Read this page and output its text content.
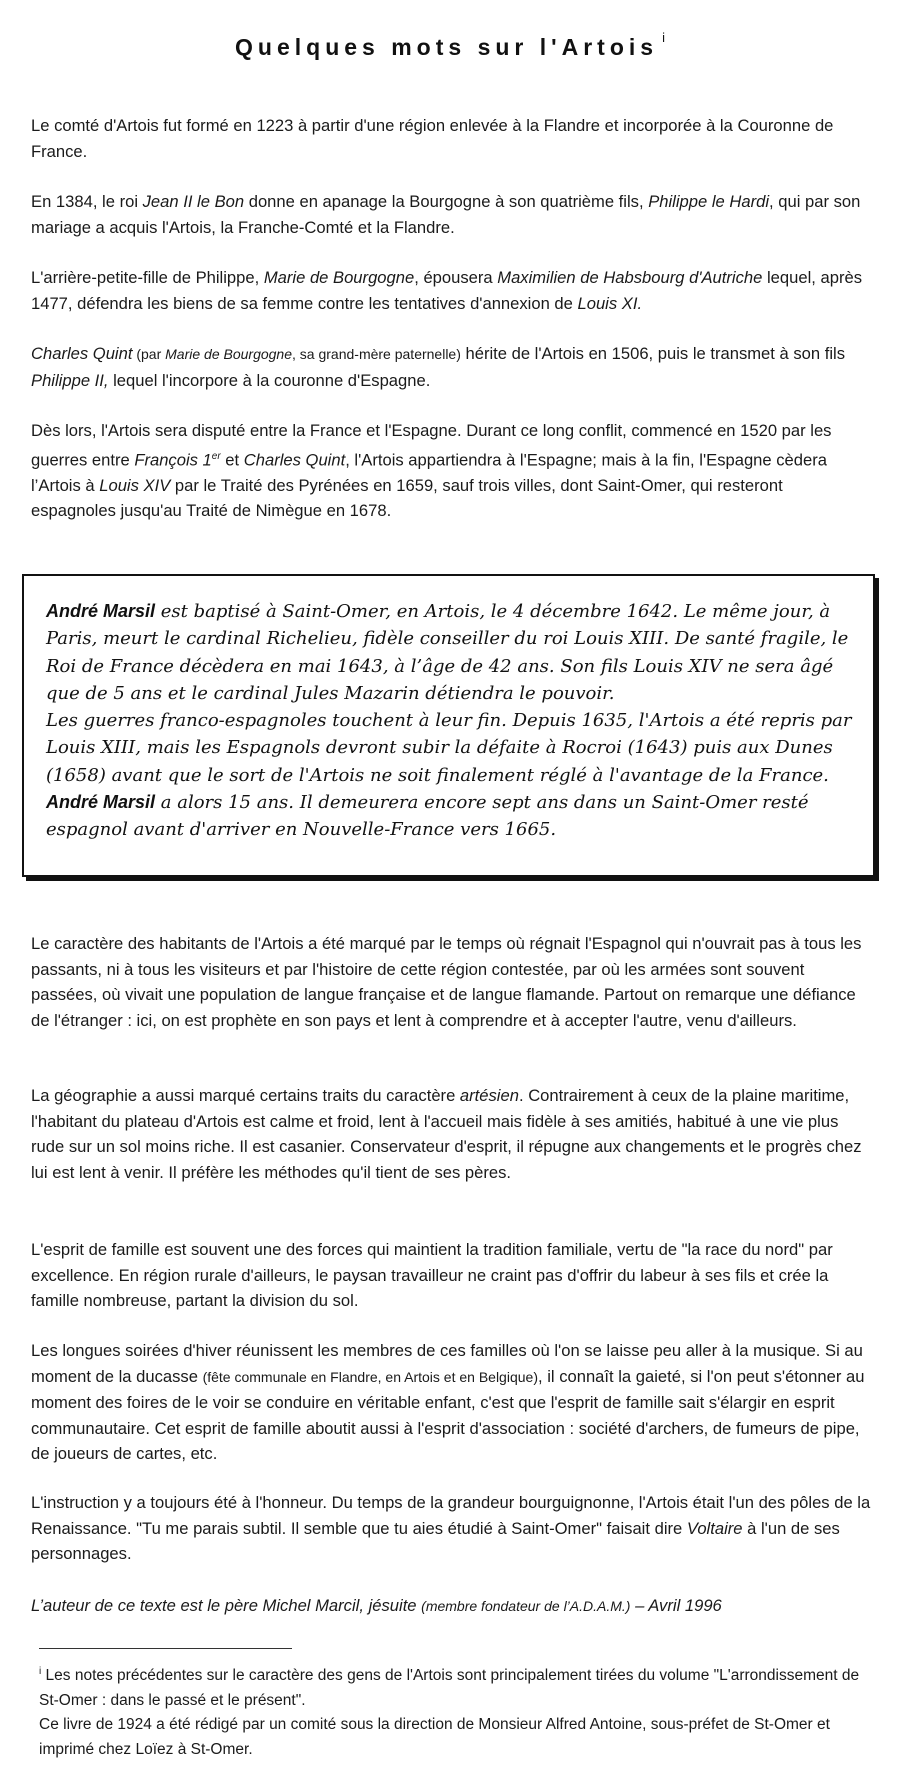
Quelques mots sur l'Artois $^i$

Le comté d'Artois fut formé en 1223 à partir d'une région enlevée à la Flandre et incorporée à la Couronne de France.

En 1384, le roi Jean II le Bon donne en apanage la Bourgogne à son quatrième fils, Philippe le Hardi, qui par son mariage a acquis l'Artois, la Franche-Comté et la Flandre.

L'arrière-petite-fille de Philippe, Marie de Bourgogne, épousera Maximilien de Habsbourg d'Autriche lequel, après 1477, défendra les biens de sa femme contre les tentatives d'annexion de Louis XI.

Charles Quint (par Marie de Bourgogne, sa grand-mère paternelle) hérite de l'Artois en 1506, puis le transmet à son fils Philippe II, lequel l'incorpore à la couronne d'Espagne.

Dès lors, l'Artois sera disputé entre la France et l'Espagne. Durant ce long conflit, commencé en 1520 par les guerres entre François 1er et Charles Quint, l'Artois appartiendra à l'Espagne; mais à la fin, l'Espagne cèdera l’Artois à Louis XIV par le Traité des Pyrénées en 1659, sauf trois villes, dont Saint-Omer, qui resteront espagnoles jusqu'au Traité de Nimègue en 1678.

André Marsil est baptisé à Saint-Omer, en Artois, le 4 décembre 1642. Le même jour, à Paris, meurt le cardinal Richelieu, fidèle conseiller du roi Louis XIII. De santé fragile, le Roi de France décèdera en mai 1643, à l’âge de 42 ans. Son fils Louis XIV ne sera âgé que de 5 ans et le cardinal Jules Mazarin détiendra le pouvoir.
Les guerres franco-espagnoles touchent à leur fin. Depuis 1635, l'Artois a été repris par Louis XIII, mais les Espagnols devront subir la défaite à Rocroi (1643) puis aux Dunes (1658) avant que le sort de l'Artois ne soit finalement réglé à l'avantage de la France.
André Marsil a alors 15 ans. Il demeurera encore sept ans dans un Saint-Omer resté espagnol avant d'arriver en Nouvelle-France vers 1665.

Le caractère des habitants de l'Artois a été marqué par le temps où régnait l'Espagnol qui n'ouvrait pas à tous les passants, ni à tous les visiteurs et par l'histoire de cette région contestée, par où les armées sont souvent passées, où vivait une population de langue française et de langue flamande. Partout on remarque une défiance de l'étranger : ici, on est prophète en son pays et lent à comprendre et à accepter l'autre, venu d'ailleurs.

La géographie a aussi marqué certains traits du caractère artésien. Contrairement à ceux de la plaine maritime, l'habitant du plateau d'Artois est calme et froid, lent à l'accueil mais fidèle à ses amitiés, habitué à une vie plus rude sur un sol moins riche. Il est casanier. Conservateur d'esprit, il répugne aux changements et le progrès chez lui est lent à venir. Il préfère les méthodes qu'il tient de ses pères.

L'esprit de famille est souvent une des forces qui maintient la tradition familiale, vertu de "la race du nord" par excellence. En région rurale d'ailleurs, le paysan travailleur ne craint pas d'offrir du labeur à ses fils et crée la famille nombreuse, partant la division du sol.

Les longues soirées d'hiver réunissent les membres de ces familles où l'on se laisse peu aller à la musique. Si au moment de la ducasse (fête communale en Flandre, en Artois et en Belgique), il connaît la gaieté, si l'on peut s'étonner au moment des foires de le voir se conduire en véritable enfant, c'est que l'esprit de famille sait s'élargir en esprit communautaire. Cet esprit de famille aboutit aussi à l'esprit d'association : société d'archers, de fumeurs de pipe, de joueurs de cartes, etc.

L'instruction y a toujours été à l'honneur. Du temps de la grandeur bourguignonne, l'Artois était l'un des pôles de la Renaissance. "Tu me parais subtil. Il semble que tu aies étudié à Saint-Omer" faisait dire Voltaire à l'un de ses personnages.

L’auteur de ce texte est le père Michel Marcil, jésuite (membre fondateur de l’A.D.A.M.) – Avril 1996

$^i$ Les notes précédentes sur le caractère des gens de l'Artois sont principalement tirées du volume "L'arrondissement de St-Omer : dans le passé et le présent".
Ce livre de 1924 a été rédigé par un comité sous la direction de Monsieur Alfred Antoine, sous-préfet de St-Omer et imprimé chez Loïez à St-Omer.
